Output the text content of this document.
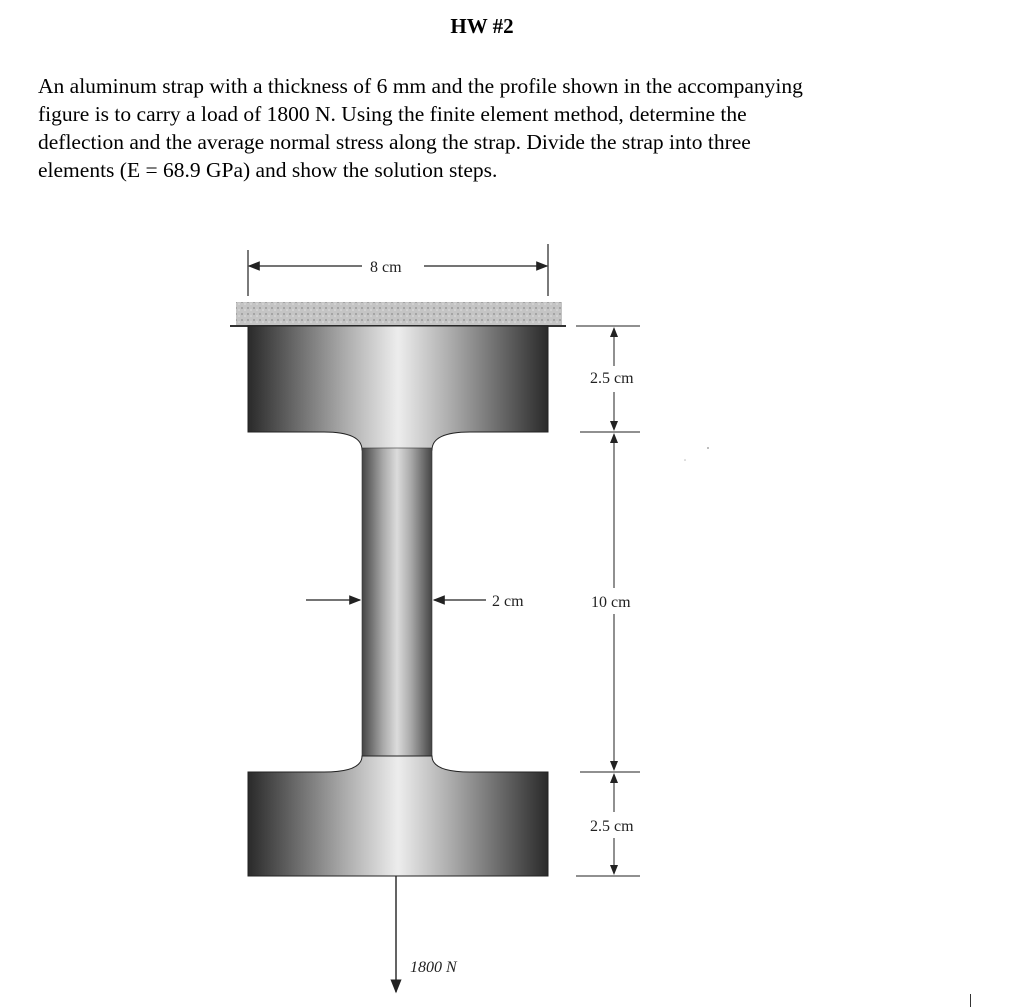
HW #2
An aluminum strap with a thickness of 6 mm and the profile shown in the accompanying
figure is to carry a load of 1800 N. Using the finite element method, determine the
deflection and the average normal stress along the strap. Divide the strap into three
elements (E = 68.9 GPa) and show the solution steps.
8 cm
2 cm
2.5 cm
10 cm
2.5 cm
1800 N
